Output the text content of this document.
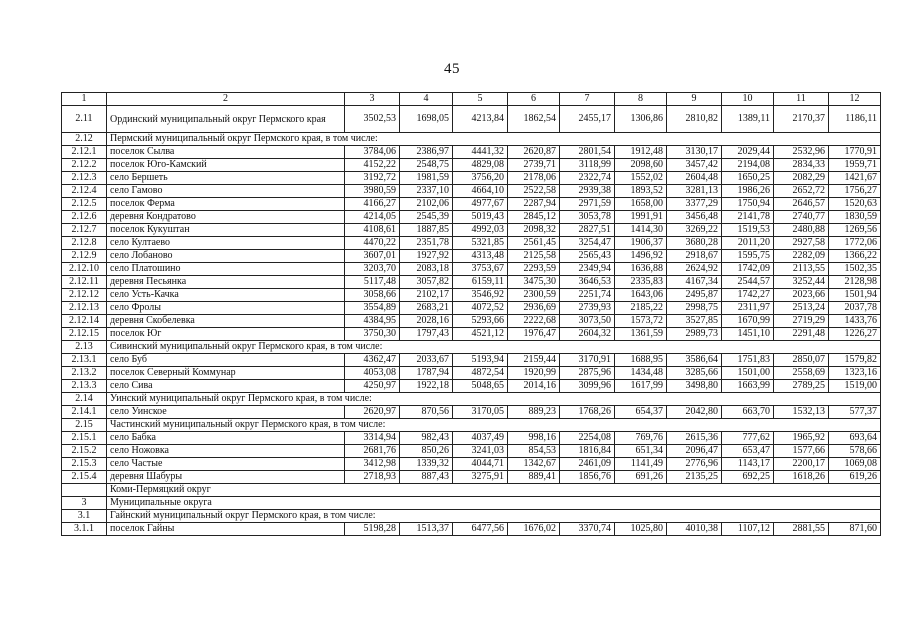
45
1	2	3	4	5	6	7	8	9	10	11	12
2.11	Ординский муниципальный округ Пермского края	3502,53	1698,05	4213,84	1862,54	2455,17	1306,86	2810,82	1389,11	2170,37	1186,11
2.12	Пермский муниципальный округ Пермского края, в том числе:										
2.12.1	поселок Сылва	3784,06	2386,97	4441,32	2620,87	2801,54	1912,48	3130,17	2029,44	2532,96	1770,91
2.12.2	поселок Юго-Камский	4152,22	2548,75	4829,08	2739,71	3118,99	2098,60	3457,42	2194,08	2834,33	1959,71
2.12.3	село Бершеть	3192,72	1981,59	3756,20	2178,06	2322,74	1552,02	2604,48	1650,25	2082,29	1421,67
2.12.4	село Гамово	3980,59	2337,10	4664,10	2522,58	2939,38	1893,52	3281,13	1986,26	2652,72	1756,27
2.12.5	поселок Ферма	4166,27	2102,06	4977,67	2287,94	2971,59	1658,00	3377,29	1750,94	2646,57	1520,63
2.12.6	деревня Кондратово	4214,05	2545,39	5019,43	2845,12	3053,78	1991,91	3456,48	2141,78	2740,77	1830,59
2.12.7	поселок Кукуштан	4108,61	1887,85	4992,03	2098,32	2827,51	1414,30	3269,22	1519,53	2480,88	1269,56
2.12.8	село Култаево	4470,22	2351,78	5321,85	2561,45	3254,47	1906,37	3680,28	2011,20	2927,58	1772,06
2.12.9	село Лобаново	3607,01	1927,92	4313,48	2125,58	2565,43	1496,92	2918,67	1595,75	2282,09	1366,22
2.12.10	село Платошино	3203,70	2083,18	3753,67	2293,59	2349,94	1636,88	2624,92	1742,09	2113,55	1502,35
2.12.11	деревня Песьянка	5117,48	3057,82	6159,11	3475,30	3646,53	2335,83	4167,34	2544,57	3252,44	2128,98
2.12.12	село Усть-Качка	3058,66	2102,17	3546,92	2300,59	2251,74	1643,06	2495,87	1742,27	2023,66	1501,94
2.12.13	село Фролы	3554,89	2683,21	4072,52	2936,69	2739,93	2185,22	2998,75	2311,97	2513,24	2037,78
2.12.14	деревня Скобелевка	4384,95	2028,16	5293,66	2222,68	3073,50	1573,72	3527,85	1670,99	2719,29	1433,76
2.12.15	поселок Юг	3750,30	1797,43	4521,12	1976,47	2604,32	1361,59	2989,73	1451,10	2291,48	1226,27
2.13	Сивинский муниципальный округ Пермского края, в том числе:										
2.13.1	село Буб	4362,47	2033,67	5193,94	2159,44	3170,91	1688,95	3586,64	1751,83	2850,07	1579,82
2.13.2	поселок Северный Коммунар	4053,08	1787,94	4872,54	1920,99	2875,96	1434,48	3285,66	1501,00	2558,69	1323,16
2.13.3	село Сива	4250,97	1922,18	5048,65	2014,16	3099,96	1617,99	3498,80	1663,99	2789,25	1519,00
2.14	Уинский муниципальный округ Пермского края, в том числе:										
2.14.1	село Уинское	2620,97	870,56	3170,05	889,23	1768,26	654,37	2042,80	663,70	1532,13	577,37
2.15	Частинский муниципальный округ Пермского края, в том числе:										
2.15.1	село Бабка	3314,94	982,43	4037,49	998,16	2254,08	769,76	2615,36	777,62	1965,92	693,64
2.15.2	село Ножовка	2681,76	850,26	3241,03	854,53	1816,84	651,34	2096,47	653,47	1577,66	578,66
2.15.3	село Частые	3412,98	1339,32	4044,71	1342,67	2461,09	1141,49	2776,96	1143,17	2200,17	1069,08
2.15.4	деревня Шабуры	2718,93	887,43	3275,91	889,41	1856,76	691,26	2135,25	692,25	1618,26	619,26
	Коми-Пермяцкий округ										
3	Муниципальные округа										
3.1	Гайнский муниципальный округ Пермского края, в том числе:										
3.1.1	поселок Гайны	5198,28	1513,37	6477,56	1676,02	3370,74	1025,80	4010,38	1107,12	2881,55	871,60
